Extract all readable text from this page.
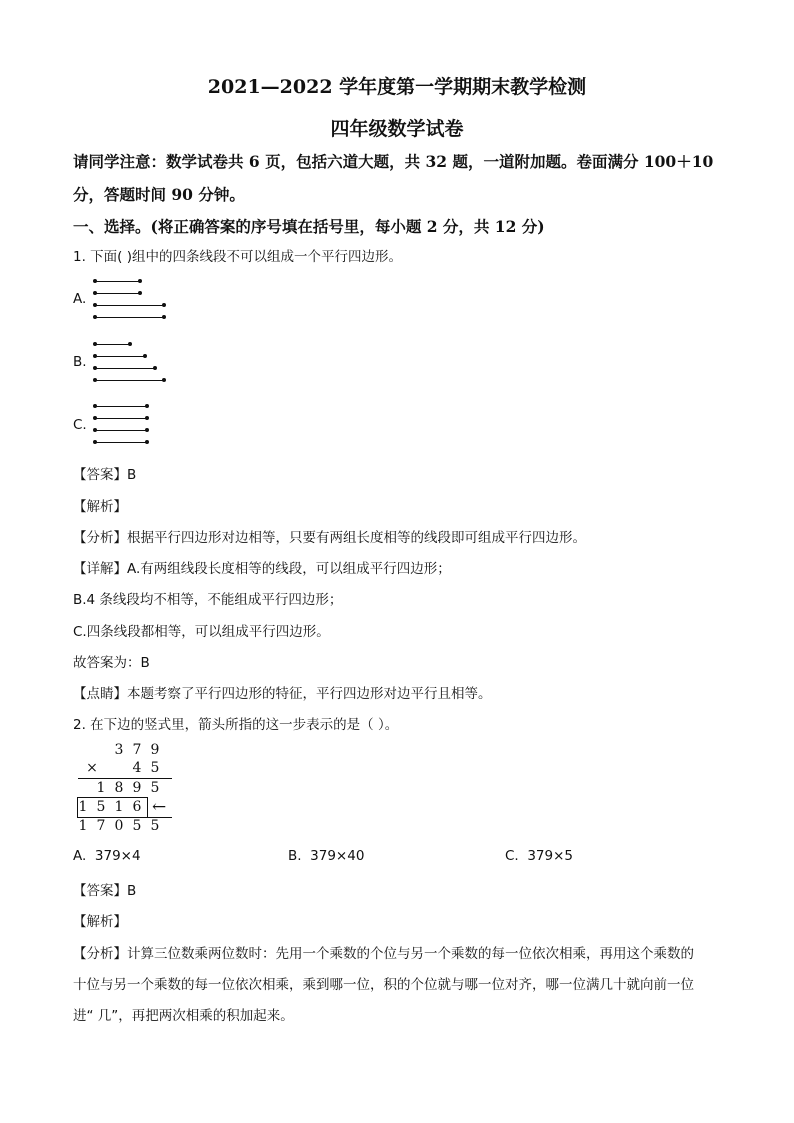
2021—2022 学年度第一学期期末教学检测
四年级数学试卷
请同学注意：数学试卷共 6 页，包括六道大题，共 32 题，一道附加题。卷面满分 100＋10
分，答题时间 90 分钟。
一、选择。(将正确答案的序号填在括号里，每小题 2 分，共 12 分)
1. 下面( )组中的四条线段不可以组成一个平行四边形。
A.
B.
C.
【答案】B
【解析】
【分析】根据平行四边形对边相等，只要有两组长度相等的线段即可组成平行四边形。
【详解】A.有两组线段长度相等的线段，可以组成平行四边形；
B.4 条线段均不相等，不能组成平行四边形；
C.四条线段都相等，可以组成平行四边形。
故答案为：B
【点睛】本题考察了平行四边形的特征，平行四边形对边平行且相等。
2. 在下边的竖式里，箭头所指的这一步表示的是（ ）。
3 7 9
× 4 5
1 8 9 5
1 5 1 6 ←
1 7 0 5 5
A. 379×4	B. 379×40	C. 379×5
【答案】B
【解析】
【分析】计算三位数乘两位数时：先用一个乘数的个位与另一个乘数的每一位依次相乘，再用这个乘数的
十位与另一个乘数的每一位依次相乘，乘到哪一位，积的个位就与哪一位对齐，哪一位满几十就向前一位
进“ 几”，再把两次相乘的积加起来。
